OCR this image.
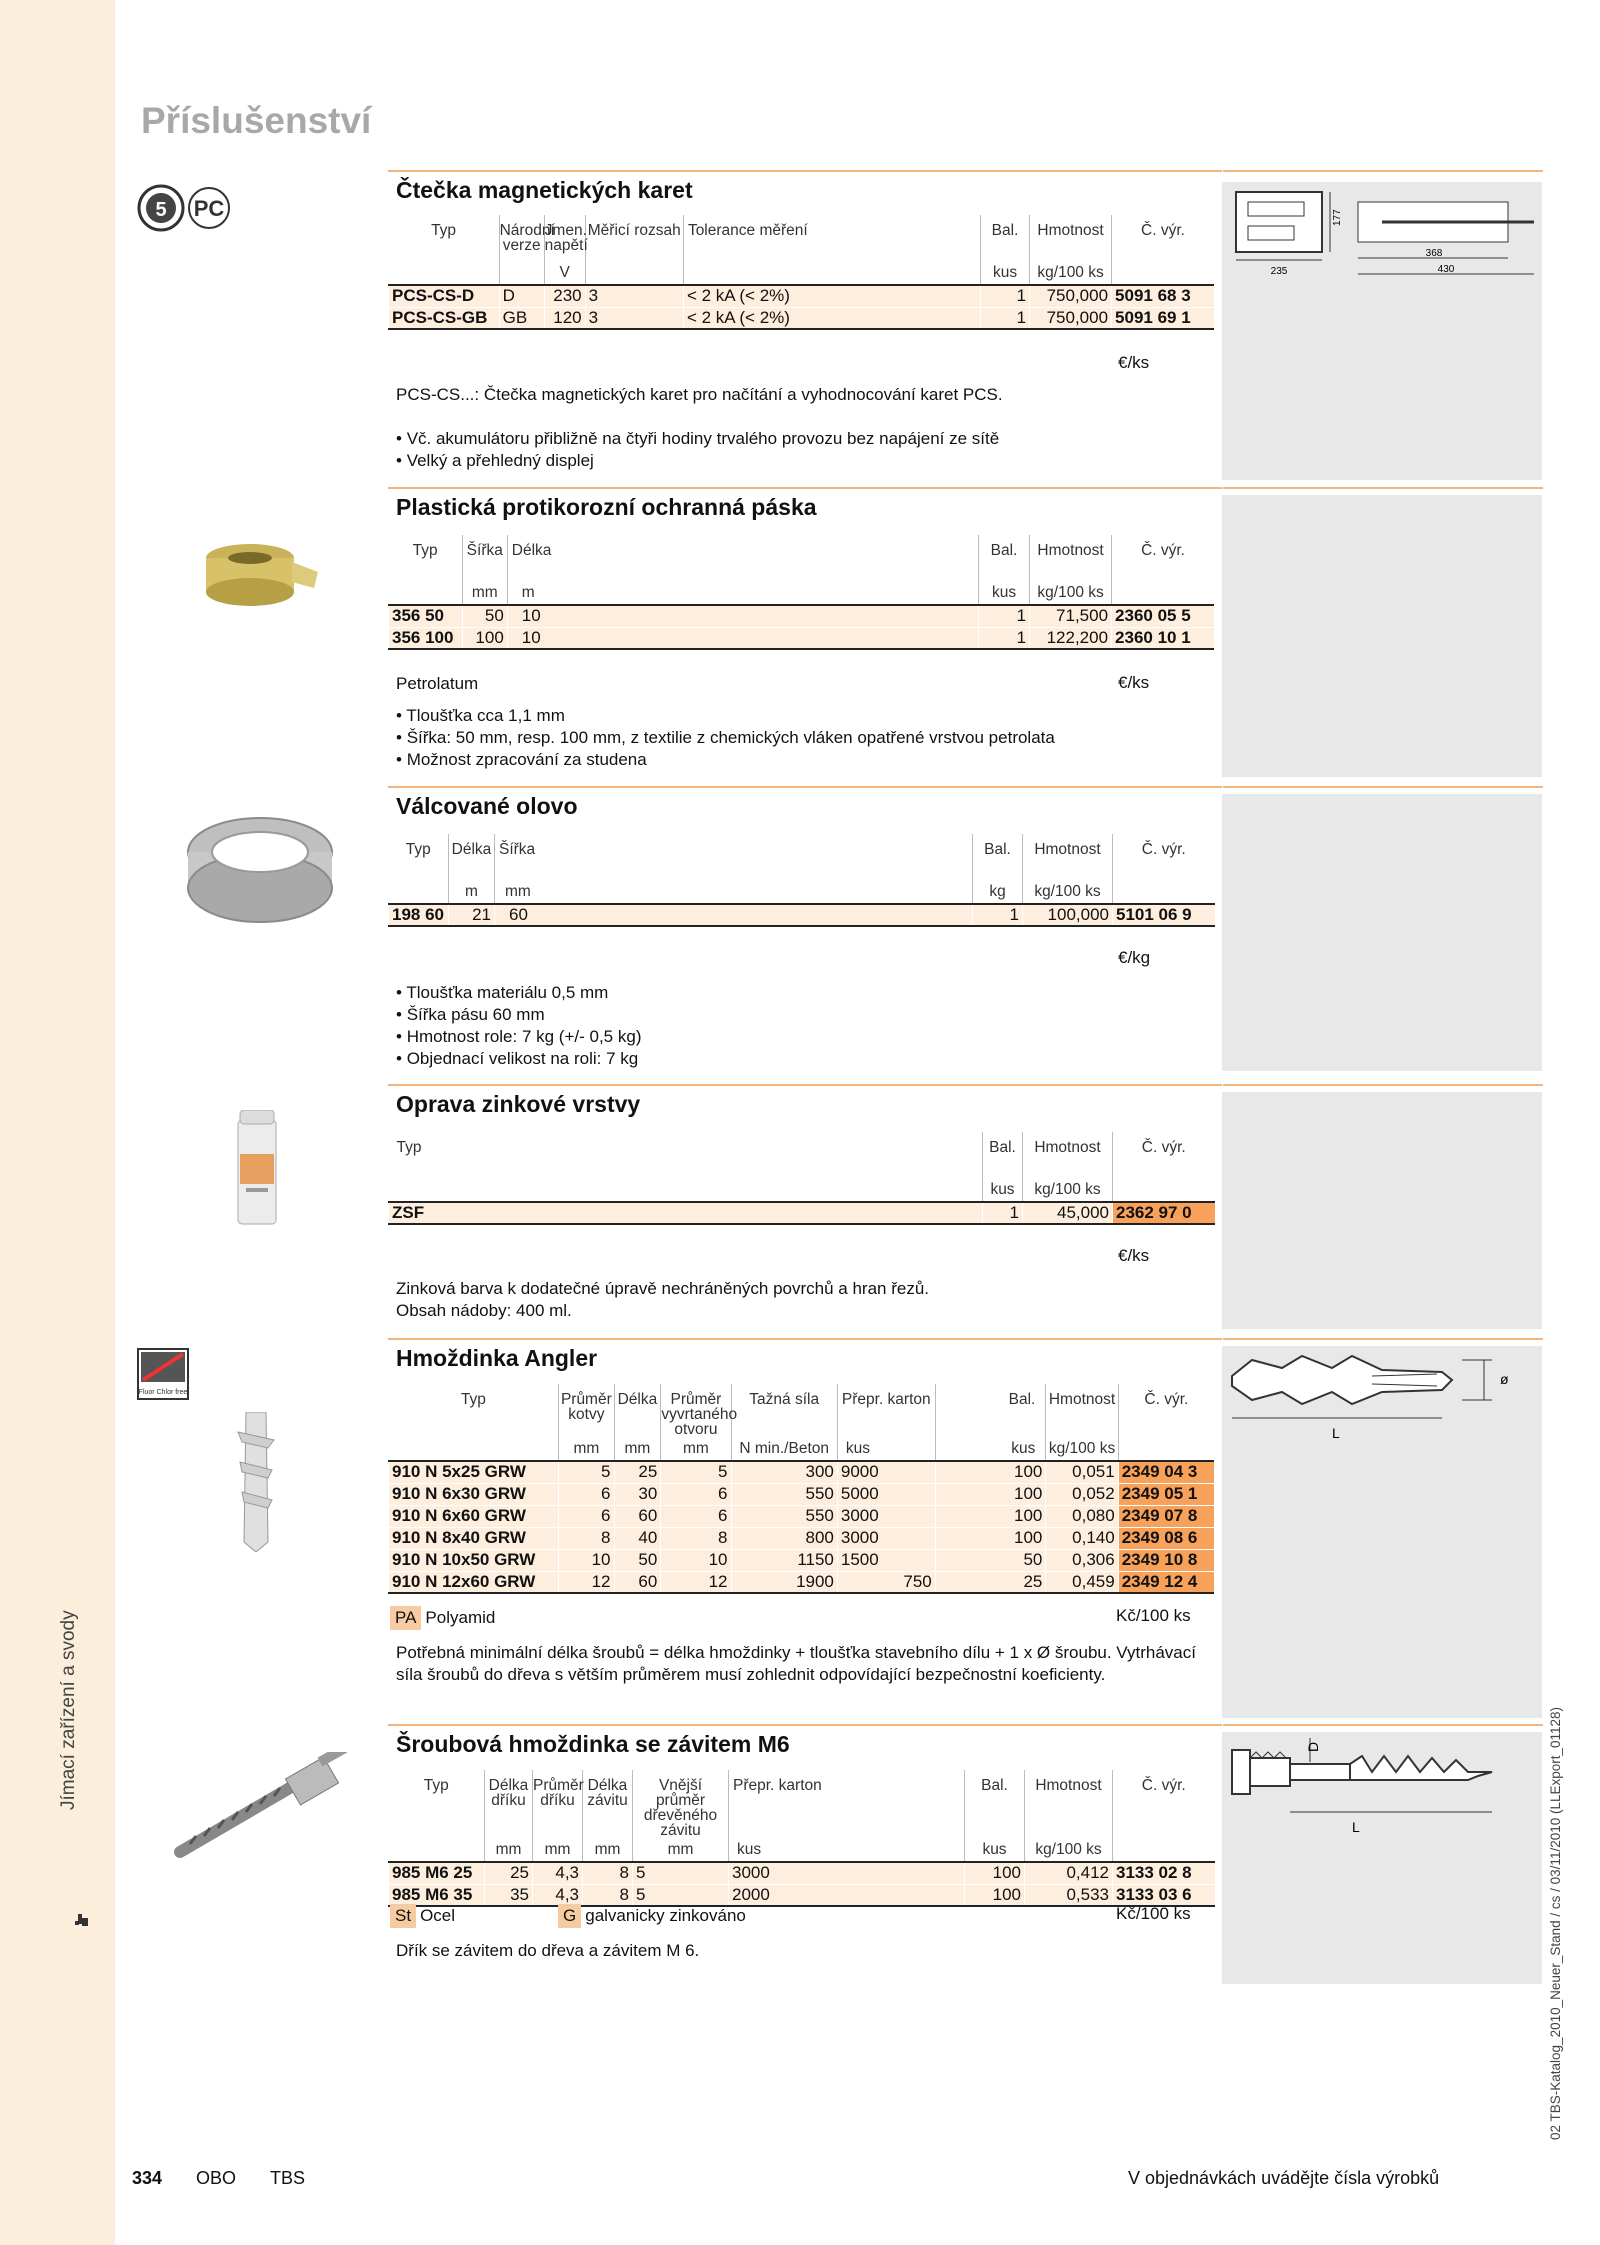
Příslušenství
Jímací zařízení a svody	02 TBS-Katalog_2010_Neuer_Stand / cs / 03/11/2010 (LLExport_01128)
5 PC
Čtečka magnetických karet
177
235
368
430
Typ	Národní verze	Jmen. napětí	Měřicí rozsah	Tolerance měření	Bal.	Hmotnost	Č. výr.
		V			kus	kg/100 ks	
PCS-CS-D	D	230	3	< 2 kA (< 2%)	1	750,000	5091 68 3
PCS-CS-GB	GB	120	3	< 2 kA (< 2%)	1	750,000	5091 69 1
€/ks
PCS-CS...: Čtečka magnetických karet pro načítání a vyhodnocování karet PCS.
• Vč. akumulátoru přibližně na čtyři hodiny trvalého provozu bez napájení ze sítě
• Velký a přehledný displej
Plastická protikorozní ochranná páska
Typ	Šířka	Délka	Bal.	Hmotnost	Č. výr.
	mm	m	kus	kg/100 ks	
356 50	50	10	1	71,500	2360 05 5
356 100	100	10	1	122,200	2360 10 1
Petrolatum	€/ks
• Tloušťka cca 1,1 mm
• Šířka: 50 mm, resp. 100 mm, z textilie z chemických vláken opatřené vrstvou petrolata
• Možnost zpracování za studena
Válcované olovo
Typ	Délka	Šířka	Bal.	Hmotnost	Č. výr.
	m	mm	kg	kg/100 ks	
198 60	21	60	1	100,000	5101 06 9
€/kg
• Tloušťka materiálu 0,5 mm
• Šířka pásu 60 mm
• Hmotnost role: 7 kg (+/- 0,5 kg)
• Objednací velikost na roli: 7 kg
Oprava zinkové vrstvy
Typ	Bal.	Hmotnost	Č. výr.
	kus	kg/100 ks	
ZSF	1	45,000	2362 97 0
€/ks
Zinková barva k dodatečné úpravě nechráněných povrchů a hran řezů.
Obsah nádoby: 400 ml.
Fluor Chlor free
Hmoždinka Angler
ø
L
Typ	Průměr kotvy	Délka	Průměr vyvrtaného otvoru	Tažná síla	Přepr. karton	Bal.	Hmotnost	Č. výr.
	mm	mm	mm	N min./Beton	kus	kus	kg/100 ks	
910 N 5x25 GRW	5	25	5	300	9000	100	0,051	2349 04 3
910 N 6x30 GRW	6	30	6	550	5000	100	0,052	2349 05 1
910 N 6x60 GRW	6	60	6	550	3000	100	0,080	2349 07 8
910 N 8x40 GRW	8	40	8	800	3000	100	0,140	2349 08 6
910 N 10x50 GRW	10	50	10	1150	1500	50	0,306	2349 10 8
910 N 12x60 GRW	12	60	12	1900	750	25	0,459	2349 12 4
PA Polyamid	Kč/100 ks
Potřebná minimální délka šroubů = délka hmoždinky + tloušťka stavebního dílu + 1 x Ø šroubu. Vytrhávací síla šroubů do dřeva s větším průměrem musí zohlednit odpovídající bezpečnostní koeficienty.
Šroubová hmoždinka se závitem M6	D
L
Typ	Délka dříku	Průměr dříku	Délka závitu	Vnější průměr dřevěného závitu	Přepr. karton	Bal.	Hmotnost	Č. výr.
	mm	mm	mm	mm	kus	kus	kg/100 ks	
985 M6 25	25	4,3	8	5	3000	100	0,412	3133 02 8
985 M6 35	35	4,3	8	5	2000	100	0,533	3133 03 6
St Ocel	G galvanicky zinkováno	Kč/100 ks
Dřík se závitem do dřeva a závitem M 6.
334 OBO TBS	V objednávkách uvádějte čísla výrobků
